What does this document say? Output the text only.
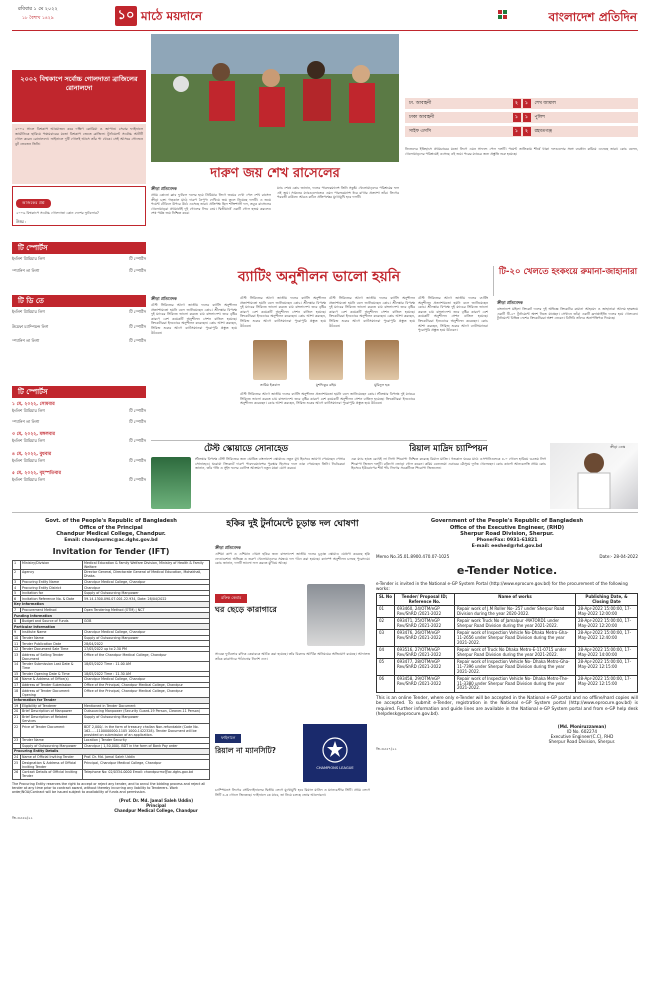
রবিবার ১ মে ২০২২
১৮ বৈশাখ ১৪২৯	১০ মাঠে ময়দানে	বাংলাদেশ প্রতিদিন
২০০২ বিশ্বকাপে সর্বোচ্চ গোলদাতা ব্রাজিলের রোনালদো
২০০২ সালে বিশ্বকাপ আয়োজন করে দক্ষিণ কোরিয়া ও জাপান। সেবার ফাইনালে জার্মানিকে হারিয়ে পঞ্চমবারের মতো বিশ্বকাপ জেতে ব্রাজিল। টুর্নামেন্টে সর্বোচ্চ আটটি গোল করেন রোনালদো। ফাইনালে দুটি গোলই আসে তাঁর পা থেকে। সেই আসরে গোল্ডেন বুট জেতেন তিনি।
আজকের প্রশ্ন
২০০৬ বিশ্বকাপে সর্বোচ্চ গোলদাতা কোন দেশের ফুটবলার?
উত্তর :
টি স্পোর্টস
ইংলিশ প্রিমিয়ার লিগ	টি স্পোর্টস
স্প্যানিশ লা লিগা	টি স্পোর্টস
টি ডি তে
ইংলিশ প্রিমিয়ার লিগ	টি স্পোর্টস
উয়েফা চ্যাম্পিয়ন্স লিগ	টি স্পোর্টস
স্প্যানিশ লা লিগা	টি স্পোর্টস
টি স্পোর্টস
১ মে, ২০২২, সোমবার
ইংলিশ প্রিমিয়ার লিগ	টি স্পোর্টস
স্প্যানিশ লা লিগা	টি স্পোর্টস
৩ মে, ২০২২, মঙ্গলবার
ইংলিশ প্রিমিয়ার লিগ	টি স্পোর্টস
৪ মে, ২০২২, বুধবার
ইংলিশ প্রিমিয়ার লিগ	টি স্পোর্টস
৫ মে, ২০২২, বৃহস্পতিবার
ইংলিশ প্রিমিয়ার লিগ	টি স্পোর্টস
দারুণ জয় শেখ রাসেলের
ক্রীড়া প্রতিবেদক
প্রথম কোনো ক্লাব ফুটবল দলের হয়ে প্রিমিয়ার লিগে জয়ের দেখা পেল শেখ রাসেল ক্রীড়া চক্র। গতকাল মাঠে দারুণ নৈপুণ্য দেখিয়ে জয় তুলে নিয়েছে দলটি। এ জয়ে পয়েন্ট টেবিলে উপরে উঠে এসেছে তারা। প্রতিপক্ষ ছিল শক্তিশালী দল, তবুও রাসেলের খেলোয়াড়রা প্রথমার্ধেই দুই গোলের লিড নেয়। দ্বিতীয়ার্ধে একটি গোল হজম করলেও শেষ পর্যন্ত জয় নিশ্চিত করে।
ম্যাচ শেষে কোচ জানান, দলের পারফরম্যান্সে তিনি সন্তুষ্ট। খেলোয়াড়দের পরিশ্রমের ফল এই জয়। সামনের ম্যাচগুলোতেও এমন পারফরম্যান্স ধরে রাখার প্রত্যাশা তাঁর। লিগের পরবর্তী রাউন্ডে আরও কঠিন প্রতিপক্ষের মুখোমুখি হবে দলটি।
ঢা. আবাহনী	২	১	শেখ জামাল
ঢাকা আবাহনী	১	১	পুলিশ
সাইফ এসসি	১	২	রহমতগঞ্জ
নিজেদের ইতিহাসে প্রথমবারের মতো লিগে এমন সাফল্য পেল দলটি। পয়েন্ট তালিকায় শীর্ষে থাকা দলগুলোর সঙ্গে ব্যবধান কমিয়ে এনেছে তারা। কোচ বলেন, খেলোয়াড়দের পরিশ্রমেই এসেছে এই জয়। পরের ম্যাচের জন্য প্রস্তুতি শুরু হয়েছে।
ব্যাটিং অনুশীলন ভালো হয়নি
ক্রীড়া প্রতিবেদক
টেস্ট সিরিজের আগে জাতীয় দলের ব্যাটিং অনুশীলন প্রত্যাশামতো হয়নি বলে জানিয়েছেন কোচ। শ্রীলঙ্কার বিপক্ষে দুই ম্যাচের সিরিজে ভালো করতে চায় বাংলাদেশ। তবে বৃষ্টির কারণে বেশ কয়েকটি অনুশীলন সেশন বাতিল হয়েছে। ক্রিকেটাররা ইনডোরে অনুশীলন করেছেন। কোচ আশা করছেন, সিরিজ শুরুর আগে ব্যাটসম্যানরা পুরোপুরি প্রস্তুত হয়ে উঠবেন।
টেস্ট সিরিজের আগে জাতীয় দলের ব্যাটিং অনুশীলন প্রত্যাশামতো হয়নি বলে জানিয়েছেন কোচ। শ্রীলঙ্কার বিপক্ষে দুই ম্যাচের সিরিজে ভালো করতে চায় বাংলাদেশ। তবে বৃষ্টির কারণে বেশ কয়েকটি অনুশীলন সেশন বাতিল হয়েছে। ক্রিকেটাররা ইনডোরে অনুশীলন করেছেন। কোচ আশা করছেন, সিরিজ শুরুর আগে ব্যাটসম্যানরা পুরোপুরি প্রস্তুত হয়ে উঠবেন।
টেস্ট সিরিজের আগে জাতীয় দলের ব্যাটিং অনুশীলন প্রত্যাশামতো হয়নি বলে জানিয়েছেন কোচ। শ্রীলঙ্কার বিপক্ষে দুই ম্যাচের সিরিজে ভালো করতে চায় বাংলাদেশ। তবে বৃষ্টির কারণে বেশ কয়েকটি অনুশীলন সেশন বাতিল হয়েছে। ক্রিকেটাররা ইনডোরে অনুশীলন করেছেন। কোচ আশা করছেন, সিরিজ শুরুর আগে ব্যাটসম্যানরা পুরোপুরি প্রস্তুত হয়ে উঠবেন।
টেস্ট সিরিজের আগে জাতীয় দলের ব্যাটিং অনুশীলন প্রত্যাশামতো হয়নি বলে জানিয়েছেন কোচ। শ্রীলঙ্কার বিপক্ষে দুই ম্যাচের সিরিজে ভালো করতে চায় বাংলাদেশ। তবে বৃষ্টির কারণে বেশ কয়েকটি অনুশীলন সেশন বাতিল হয়েছে। ক্রিকেটাররা ইনডোরে অনুশীলন করেছেন। কোচ আশা করছেন, সিরিজ শুরুর আগে ব্যাটসম্যানরা পুরোপুরি প্রস্তুত হয়ে উঠবেন।
তামিম ইকবাল	মুশফিকুর রহিম	মুমিনুল হক
টেস্ট সিরিজের আগে জাতীয় দলের ব্যাটিং অনুশীলন প্রত্যাশামতো হয়নি বলে জানিয়েছেন কোচ। শ্রীলঙ্কার বিপক্ষে দুই ম্যাচের সিরিজে ভালো করতে চায় বাংলাদেশ। তবে বৃষ্টির কারণে বেশ কয়েকটি অনুশীলন সেশন বাতিল হয়েছে। ক্রিকেটাররা ইনডোরে অনুশীলন করেছেন। কোচ আশা করছেন, সিরিজ শুরুর আগে ব্যাটসম্যানরা পুরোপুরি প্রস্তুত হয়ে উঠবেন।
টি-২০ খেলতে হংকংয়ে রুমানা-জাহানারা
ক্রীড়া প্রতিবেদক
বাংলাদেশ মহিলা ক্রিকেট দলের দুই অভিজ্ঞ ক্রিকেটার রুমানা আহমেদ ও জাহানারা আলম হংকংয়ে একটি টি-২০ টুর্নামেন্টে অংশ নিতে যাচ্ছেন। সেখানে তাঁরা একটি ফ্র্যাঞ্চাইজি দলের হয়ে খেলবেন। টুর্নামেন্টে বিভিন্ন দেশের ক্রিকেটাররা অংশ নেবেন। বিসিবি তাঁদের অনাপত্তিপত্র দিয়েছে।
টেস্ট স্কোয়াডে সোনাহেড
শ্রীলঙ্কার বিপক্ষে টেস্ট সিরিজের জন্য ঘোষিত বাংলাদেশ স্কোয়াডে নতুন মুখ হিসেবে জায়গা পেয়েছেন পেসার সোনাহেড। ঘরোয়া ক্রিকেটে দারুণ পারফরম্যান্সের পুরস্কার হিসেবে দলে ডাক পেয়েছেন তিনি। নির্বাচকরা জানান, তাঁর গতি ও সুইং দলের বোলিং আক্রমণে নতুন মাত্রা যোগ করবে।
রিয়াল মাদ্রিদ চ্যাম্পিয়ন
এক ম্যাচ হাতে রেখেই লা লিগা শিরোপা নিশ্চিত করেছে রিয়াল মাদ্রিদ। গতকাল ঘরের মাঠে এসপানিওলকে ৪-০ গোলে হারিয়ে ৩৫তম লিগ শিরোপা জিতল দলটি। রদ্রিগো জোড়া গোল করেন। করিম বেনজেমা এবারের মৌসুমে দুর্দান্ত খেলেছেন। কোচ কার্লো আনচেলত্তি প্রথম কোচ হিসেবে ইউরোপের শীর্ষ পাঁচ লিগের সবকটিতে শিরোপা জিতলেন।
ক্রীড়া ডেস্ক
হকির দুই টুর্নামেন্টে চূড়ান্ত দল ঘোষণা
ক্রীড়া প্রতিবেদক
এশিয়া কাপ ও এশিয়ান গেমস হকির জন্য বাংলাদেশ জাতীয় দলের চূড়ান্ত স্কোয়াড ঘোষণা করেছে হকি ফেডারেশন। অভিজ্ঞ ও তরুণ খেলোয়াড়দের সমন্বয়ে দল গঠন করা হয়েছে। ক্যাম্পে অনুশীলন চলছে পুরোদমে। কোচ জানান, দলটি ভালো ফল করতে মুখিয়ে আছে।
রফিক কেবার
ঘর ছেড়ে কারাগারে
সাবেক ফুটবলার রফিক কেবারকে আটক করা হয়েছে। তাঁর বিরুদ্ধে আর্থিক অনিয়মের অভিযোগ রয়েছে। আদালত তাঁকে কারাগারে পাঠানোর নির্দেশ দেন।
ফাইনালে
রিয়াল না ম্যানসিটি?
CHAMPIONS LEAGUE
চ্যাম্পিয়নস লিগের সেমিফাইনালের দ্বিতীয় লেগে মুখোমুখি হবে রিয়াল মাদ্রিদ ও ম্যানচেস্টার সিটি। প্রথম লেগে সিটি ৪-৩ গোলে জিতেছে। ফাইনালে কে যাবে, তা নিয়ে চলছে জোর আলোচনা।
Govt. of the People's Republic of Bangladesh
Office of the Principal
Chandpur Medical College, Chandpur.
Email: chandpurmc@ac.dghs.gov.bd
Invitation for Tender (IFT)
1	Ministry/Division	Medical Education & Family Welfare Division, Ministry of Health & Family Welfare
2	Agency	Director General, Directorate General of Medical Education, Mohakhali, Dhaka.
3	Procuring Entity Name	Chandpur Medical College, Chandpur
4	Procuring Entity District	Chandpur
5	Invitation for	Supply of Outsourcing Manpower
6	Invitation Reference No. & Date	59.14.1300.090.07.001.22.934, Date: 28/04/2022
Key Information		
7	Procurement Method	Open Tendering Method (OTM) | NCT
Funding Information		
8	Budget and Source of Funds	GOB
Particular Information		
9	Institute Name	Chandpur Medical College, Chandpur
10	Tender Name	Supply of Outsourcing Manpower
11	Tender Publication Date	28/04/2022
12	Tender Document Sale Time	17/05/2022 up to 2.30 PM
13	Address of Selling Tender Document	Office of the Chandpur Medical College, Chandpur
14	Tender Submission Last Date & Time	18/05/2022 Time : 11.00 AM
15	Tender Opening Date & Time	18/05/2022 Time : 11.30 AM
16	Name & Address of Office(s)	Chandpur Medical College, Chandpur
17	Address of Tender Submission	Office of the Principal, Chandpur Medical College, Chandpur
18	Address of Tender Document Opening	Office of the Principal, Chandpur Medical College, Chandpur
Information for Tender		
19	Eligibility of Tenderer	Mentioned in Tender Document
20	Brief Description of Manpower	Outsourcing Manpower (Security Guard-19 Person, Cleaner-11 Person)
21	Brief Description of Related Services	Supply of Outsourcing Manpower
22	Price of Tender Document	BDT 2,000/- in the form of treasury challan Non-refundable (Code No. 162......1100000000-1105 1000-1422328). Tender Document will be provided on submission of an application.
23	Tender Name	Location | Tender Security
	Supply of Outsourcing Manpower	Chandpur | 1,50,000/- BDT in the form of Bank Pay order
Procuring Entity Details		
24	Name of Official Inviting Tender	Prof. Dr. Md. Jamal Saleh Uddin
25	Designation & Address of Official Inviting Tender	Principal, Chandpur Medical College, Chandpur
26	Contact Details of Official Inviting Tender	Telephone No: 02/0334-0000 Email: chandpurmc@ac.dghs.gov.bd
The Procuring Entity reserves the right to accept or reject any tender, and to annul the bidding process and reject all tender at any time prior to contract award, without thereby incurring any liability to Tenderers. Work order/NOA/Contract will be issued subject to availability of funds and permission.
(Prof. Dr. Md. Jamal Saleh Uddin)
Principal
Chandpur Medical College, Chandpur
জি-৩৫৫৬/২২
Government of the People's Republic of Bangladesh
Office of the Executive Engineer, (RHD)
Sherpur Road Division, Sherpur.
Phone/Fax: 0931-61821
E-mail: eeshed@rhd.gov.bd
Memo No.35.01.8900.470.07-1025	Date:- 28-04-2022
e-Tender Notice.
e-Tender is invited in the National e-GP System Portal (http://www.eprocure.gov.bd) for the procurement of the following works:
SL No	Tender/ Proposal ID; Reference No.	Name of works	Publishing Date, & Closing Date
01	693460, 24/OTM/eGP Rev/ShRD /2021-2022	Repair work of J.M Roller No- 257 under Sherpur Road Division during the year 2020-2022.	28-Apr-2022 15:00:00, 17-May-2022 12:00:00
02	693471, 25/OTM/eGP Rev/ShRD /2021-2022	Repair work Truck No of Jamalpur -MATORD1 under Sherpur Road Division during the year 2021-2022.	28-Apr-2022 15:00:00, 17-May-2022 12:20:00
03	693476, 26/OTM/eGP Rev/ShRD /2021-2022	Repair work of Inspection Vehicle No-Dhaka Metro-Gha-11-2656 under Sherpur Road Division during the year 2021-2022.	28-Apr-2022 15:00:00, 17-May-2022 12:40:00
04	693516, 27/OTM/eGP Rev/ShRD /2021-2022	Repair work of Truck No Dhaka Metro-E-11-0715 under Sherpur Road Division during the year 2021-2022.	28-Apr-2022 15:00:00, 17-May-2022 14:00:00
05	693477, 28/OTM/eGP Rev/ShRD /2021-2022	Repair work of Inspection Vehicle No- Dhaka Metro-Gha-11-7396 under Sherpur Road Division during the year 2021-2022.	28-Apr-2022 15:00:00, 17-May-2022 12:15:00
06	693458, 29/OTM/eGP Rev/ShRD /2021-2022	Repair work of Inspection Vehicle No- Dhaka Metro-The-11-3380 under Sherpur Road Division during the year 2021-2022.	28-Apr-2022 15:00:00, 17-May-2022 12:15:00
This is an online Tender, where only e-Tender will be accepted in the National e-GP portal and no offline/hard copies will be accepted. To submit e-Tender, registration in the National e-GP System portal (http://www.eprocure.gov.bd) is required. Further information and guide lines are available in the National e-GP System portal and from e-GP help desk (helpdesk@eprocure.gov.bd).
(Md. Moniruzzaman)
ID No. 602274
Executive Engineer(C.C), RHD
Sherpur Road Division, Sherpur.
জি-৩৫৫৭/২২
